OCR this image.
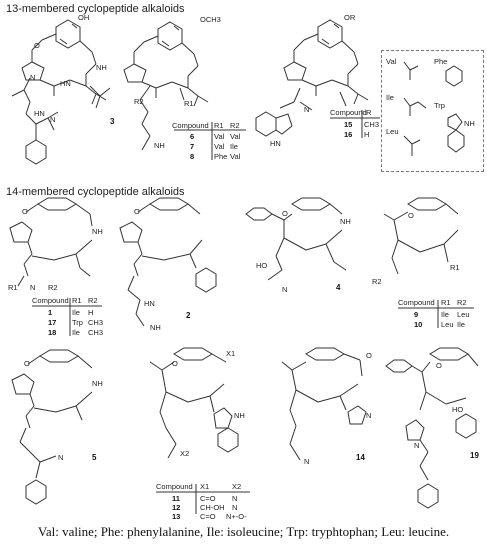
13-membered cyclopeptide alkaloids
14-membered cyclopeptide alkaloids
OH
O
N
HN
NH
HN
N	3
OCH3
R2	R1
NH
Compound R1 R2
6	Val Val
7	Val Ile
8	Phe Val
OR
HN
N	Compound R
15 CH3
16 H
Val
Ile
Leu
Phe
Trp
NH
O
NH
R1 N R2
Compound R1 R2
1	Ile H
17 Trp CH3
18 Ile CH3
O
HN
NH
2
O
NH
HO
N	4
O
R2
R1
Compound R1 R2
9	Ile Leu
10 Leu Ile
O
NH
N	5
X1
O
X2
NH
Compound X1	X2
11	C=O N
12	CH-OH N
13	C=O N+-O-
O
N
N	14
O
HO
N
19
Val: valine; Phe: phenylalanine, Ile: isoleucine; Trp: tryphtophan; Leu: leucine.
